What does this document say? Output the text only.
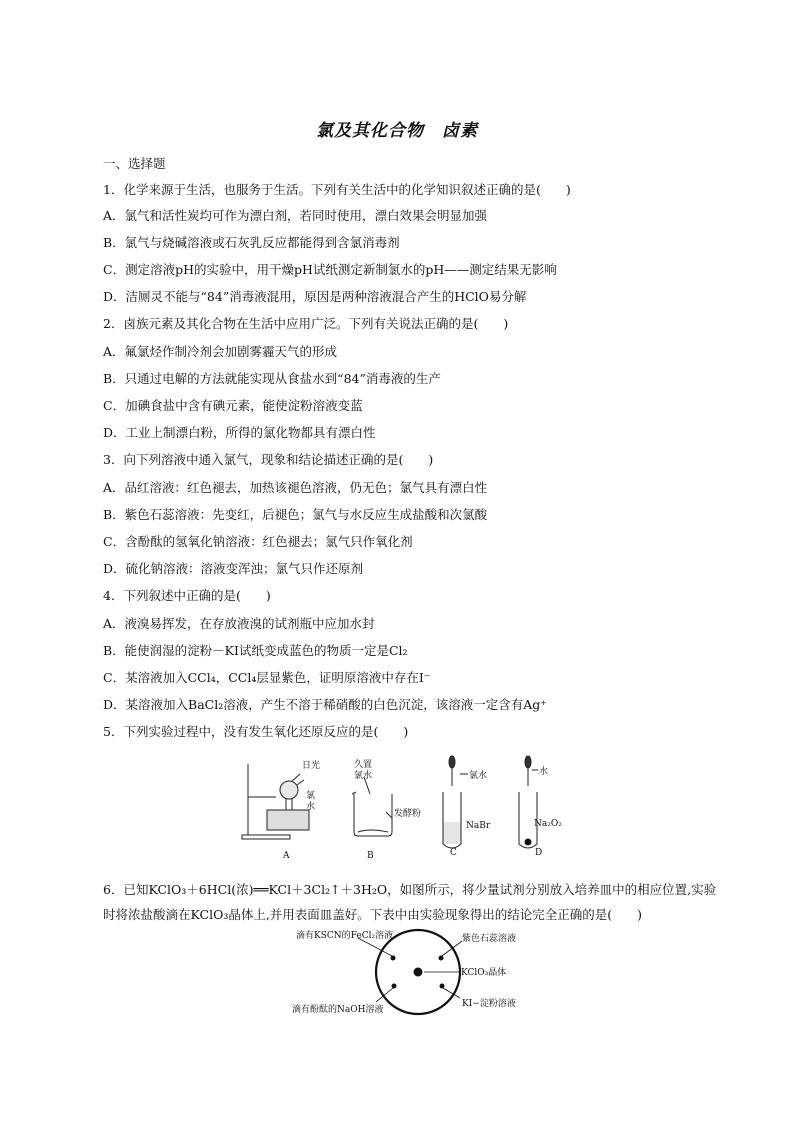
氯及其化合物　卤素
一、选择题
1．化学来源于生活，也服务于生活。下列有关生活中的化学知识叙述正确的是(　　)
A．氯气和活性炭均可作为漂白剂，若同时使用，漂白效果会明显加强
B．氯气与烧碱溶液或石灰乳反应都能得到含氯消毒剂
C．测定溶液pH的实验中，用干燥pH试纸测定新制氯水的pH——测定结果无影响
D．洁厕灵不能与“84”消毒液混用，原因是两种溶液混合产生的HClO易分解
2．卤族元素及其化合物在生活中应用广泛。下列有关说法正确的是(　　)
A．氟氯烃作制冷剂会加剧雾霾天气的形成
B．只通过电解的方法就能实现从食盐水到“84”消毒液的生产
C．加碘食盐中含有碘元素，能使淀粉溶液变蓝
D．工业上制漂白粉，所得的氯化物都具有漂白性
3．向下列溶液中通入氯气，现象和结论描述正确的是(　　)
A．品红溶液：红色褪去，加热该褪色溶液，仍无色；氯气具有漂白性
B．紫色石蕊溶液：先变红，后褪色；氯气与水反应生成盐酸和次氯酸
C．含酚酞的氢氧化钠溶液：红色褪去；氯气只作氧化剂
D．硫化钠溶液：溶液变浑浊；氯气只作还原剂
4．下列叙述中正确的是(　　)
A．液溴易挥发，在存放液溴的试剂瓶中应加水封
B．能使润湿的淀粉－KI试纸变成蓝色的物质一定是Cl₂
C．某溶液加入CCl₄，CCl₄层显紫色，证明原溶液中存在I⁻
D．某溶液加入BaCl₂溶液，产生不溶于稀硝酸的白色沉淀，该溶液一定含有Ag⁺
5．下列实验过程中，没有发生氧化还原反应的是(　　)
日光
氯
水
久置
氯水
发酵粉
氯水
NaBr
水
Na₂O₂
A	B	C	D
6．已知KClO₃＋6HCl(浓)══KCl＋3Cl₂↑＋3H₂O，如图所示，将少量试剂分别放入培养皿中的相应位置,实验时将浓盐酸滴在KClO₃晶体上,并用表面皿盖好。下表中由实验现象得出的结论完全正确的是(　　)
滴有KSCN的FeCl₂溶液	紫色石蕊溶液
KClO₃晶体
KI−淀粉溶液
滴有酚酞的NaOH溶液
